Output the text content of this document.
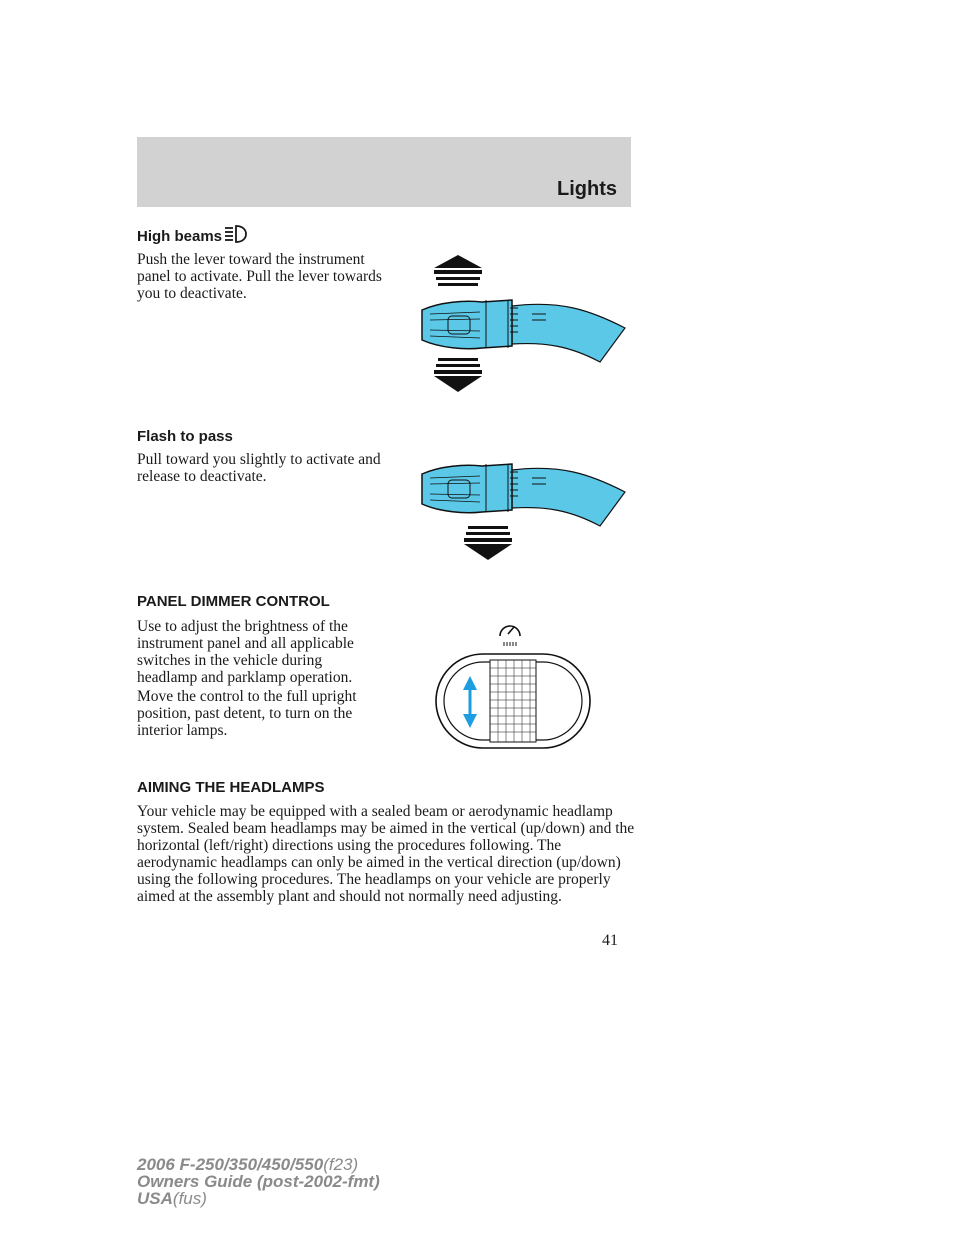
Lights
High beams

Push the lever toward the instrument panel to activate. Pull the lever towards you to deactivate.

Flash to pass

Pull toward you slightly to activate and release to deactivate.

PANEL DIMMER CONTROL

Use to adjust the brightness of the instrument panel and all applicable switches in the vehicle during headlamp and parklamp operation.

Move the control to the full upright position, past detent, to turn on the interior lamps.

AIMING THE HEADLAMPS

Your vehicle may be equipped with a sealed beam or aerodynamic headlamp system. Sealed beam headlamps may be aimed in the vertical (up/down) and the horizontal (left/right) directions using the procedures following. The aerodynamic headlamps can only be aimed in the vertical direction (up/down) using the following procedures. The headlamps on your vehicle are properly aimed at the assembly plant and should not normally need adjusting.

41
2006 F-250/350/450/550(f23)
Owners Guide (post-2002-fmt)
USA(fus)
